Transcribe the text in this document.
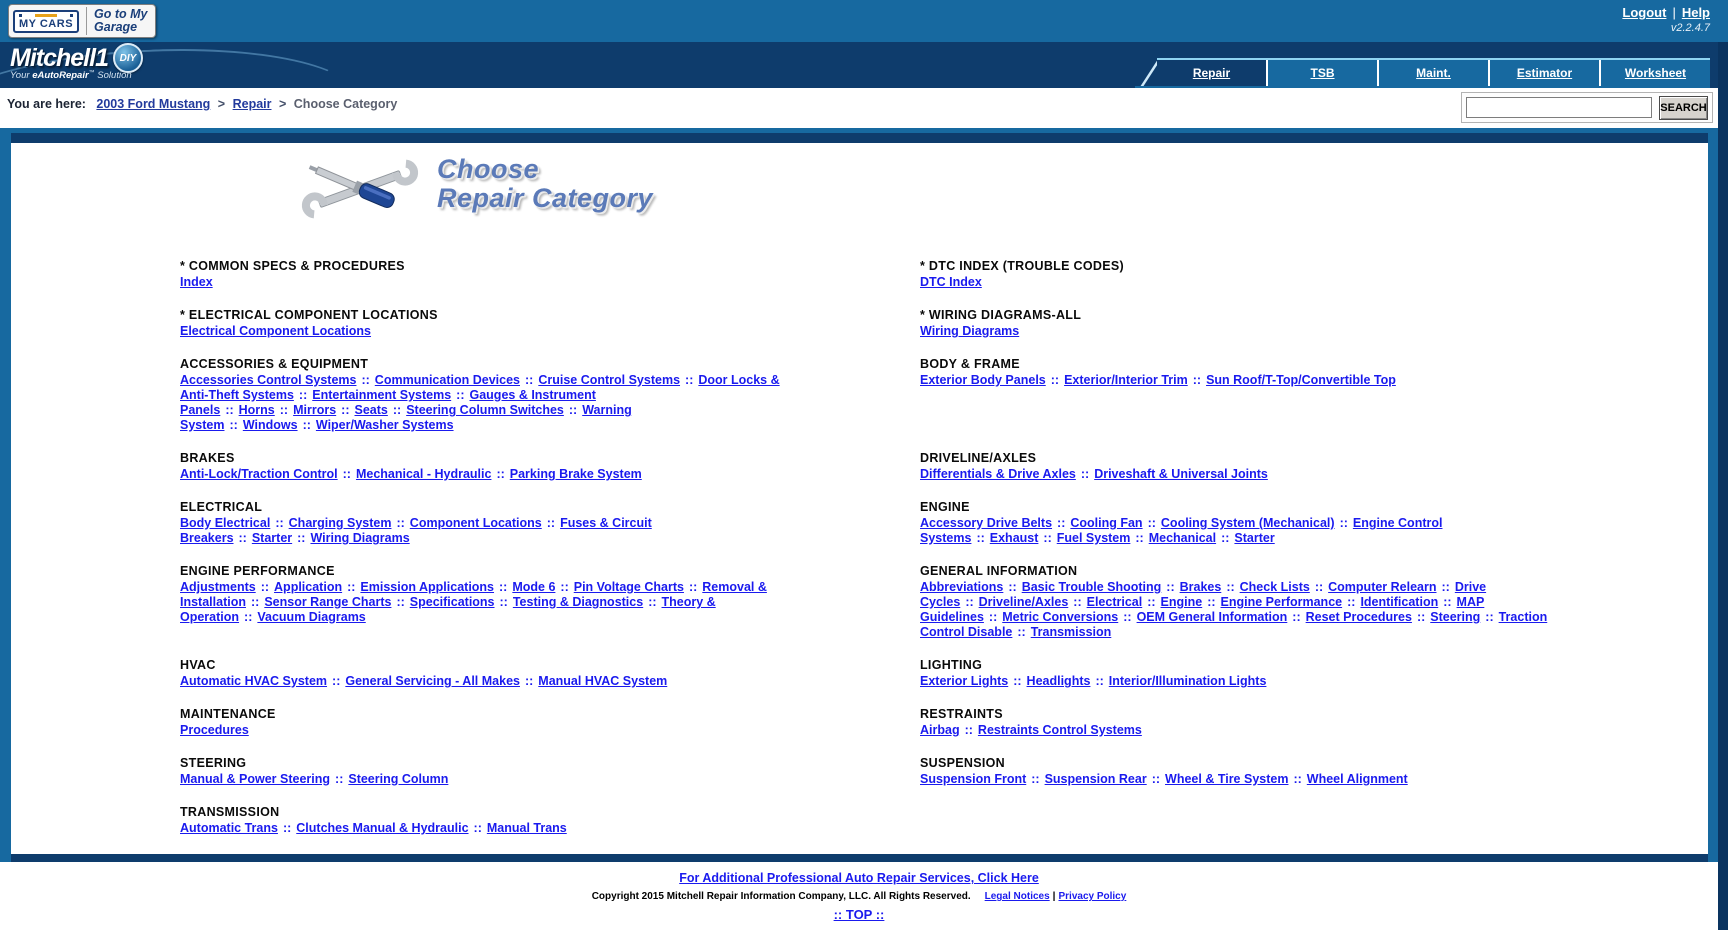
MY CARS
Go to My
Garage
Logout | Help
v2.2.4.7
Mitchell1	DIY
Your eAutoRepair™ Solution	Repair	TSB	Maint.	Estimator	Worksheet
You are here: 2003 Ford Mustang > Repair > Choose Category	SEARCH
Choose
Repair Category
* COMMON SPECS & PROCEDURES
Index
* DTC INDEX (TROUBLE CODES)
DTC Index
* ELECTRICAL COMPONENT LOCATIONS
Electrical Component Locations
* WIRING DIAGRAMS-ALL
Wiring Diagrams
ACCESSORIES & EQUIPMENT
Accessories Control Systems :: Communication Devices :: Cruise Control Systems :: Door Locks & Anti-Theft Systems :: Entertainment Systems :: Gauges & Instrument Panels :: Horns :: Mirrors :: Seats :: Steering Column Switches :: Warning System :: Windows :: Wiper/Washer Systems
BODY & FRAME
Exterior Body Panels :: Exterior/Interior Trim :: Sun Roof/T-Top/Convertible Top
BRAKES
Anti-Lock/Traction Control :: Mechanical - Hydraulic :: Parking Brake System
DRIVELINE/AXLES
Differentials & Drive Axles :: Driveshaft & Universal Joints
ELECTRICAL
Body Electrical :: Charging System :: Component Locations :: Fuses & Circuit Breakers :: Starter :: Wiring Diagrams
ENGINE
Accessory Drive Belts :: Cooling Fan :: Cooling System (Mechanical) :: Engine Control Systems :: Exhaust :: Fuel System :: Mechanical :: Starter
ENGINE PERFORMANCE
Adjustments :: Application :: Emission Applications :: Mode 6 :: Pin Voltage Charts :: Removal & Installation :: Sensor Range Charts :: Specifications :: Testing & Diagnostics :: Theory & Operation :: Vacuum Diagrams
GENERAL INFORMATION
Abbreviations :: Basic Trouble Shooting :: Brakes :: Check Lists :: Computer Relearn :: Drive Cycles :: Driveline/Axles :: Electrical :: Engine :: Engine Performance :: Identification :: MAP Guidelines :: Metric Conversions :: OEM General Information :: Reset Procedures :: Steering :: Traction Control Disable :: Transmission
HVAC
Automatic HVAC System :: General Servicing - All Makes :: Manual HVAC System
LIGHTING
Exterior Lights :: Headlights :: Interior/Illumination Lights
MAINTENANCE
Procedures
RESTRAINTS
Airbag :: Restraints Control Systems
STEERING
Manual & Power Steering :: Steering Column
SUSPENSION
Suspension Front :: Suspension Rear :: Wheel & Tire System :: Wheel Alignment
TRANSMISSION
Automatic Trans :: Clutches Manual & Hydraulic :: Manual Trans
For Additional Professional Auto Repair Services, Click Here
Copyright 2015 Mitchell Repair Information Company, LLC. All Rights Reserved. Legal Notices | Privacy Policy
:: TOP ::
